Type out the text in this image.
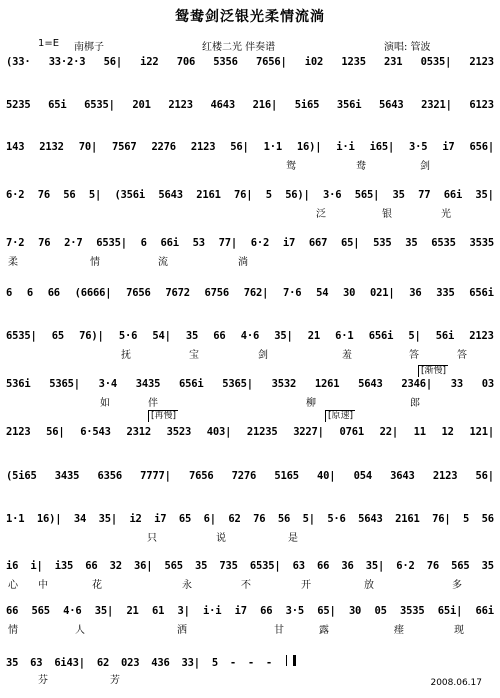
鸳鸯剑泛银光柔情流淌
1=E 南梆子	红楼二光 伴奏谱	演唱: 管波
(33· 33·2·3 56| i22 706 5356 7656| i02 1235 231 0535| 2123
5235 65i 6535| 201 2123 4643 216| 5i65 356i 5643 2321| 6123
143 2132 70| 7567 2276 2123 56| 1·1 16)| i·i i65| 3·5 i7 656|
鸳	鸯	剑
6·2 76 56 5| (356i 5643 2161 76| 5 56)| 3·6 565| 35 77 66i 35|
泛	银	光
7·2 76 2·7 6535| 6 66i 53 77| 6·2 i7 667 65| 535 35 6535 3535
柔	情	流	淌
6 6 66 (6666| 7656 7672 6756 762| 7·6 54 30 021| 36 335 656i
6535| 65 76)| 5·6 54| 35 66 4·6 35| 21 6·1 656i 5| 56i 2123
抚	宝	剑	羞	答	答
536i 5365| 3·4 3435 656i 5365| 3532 1261 5643 2346| 33 03
如	伴	柳	郎
[渐慢]
2123 56| 6·543 2312 3523 403| 21235 3227| 0761 22| 11 12 121|
[再慢]	[原速]
(5i65 3435 6356 7777| 7656 7276 5165 40| 054 3643 2123 56|
1·1 16)| 34 35| i2 i7 65 6| 62 76 56 5| 5·6 5643 2161 76| 5 56
只	说	是
i6 i| i35 66 32 36| 565 35 735 6535| 63 66 36 35| 6·2 76 565 35
心 中	花	永	不	开	放	多
66 565 4·6 35| 21 61 3| i·i i7 66 3·5 65| 30 05 3535 65i| 66i
情	人	洒	甘	露	瘗	现
35 63 6i43| 62 023 436 33| 5 - - -
芬	芳	2008.06.17
